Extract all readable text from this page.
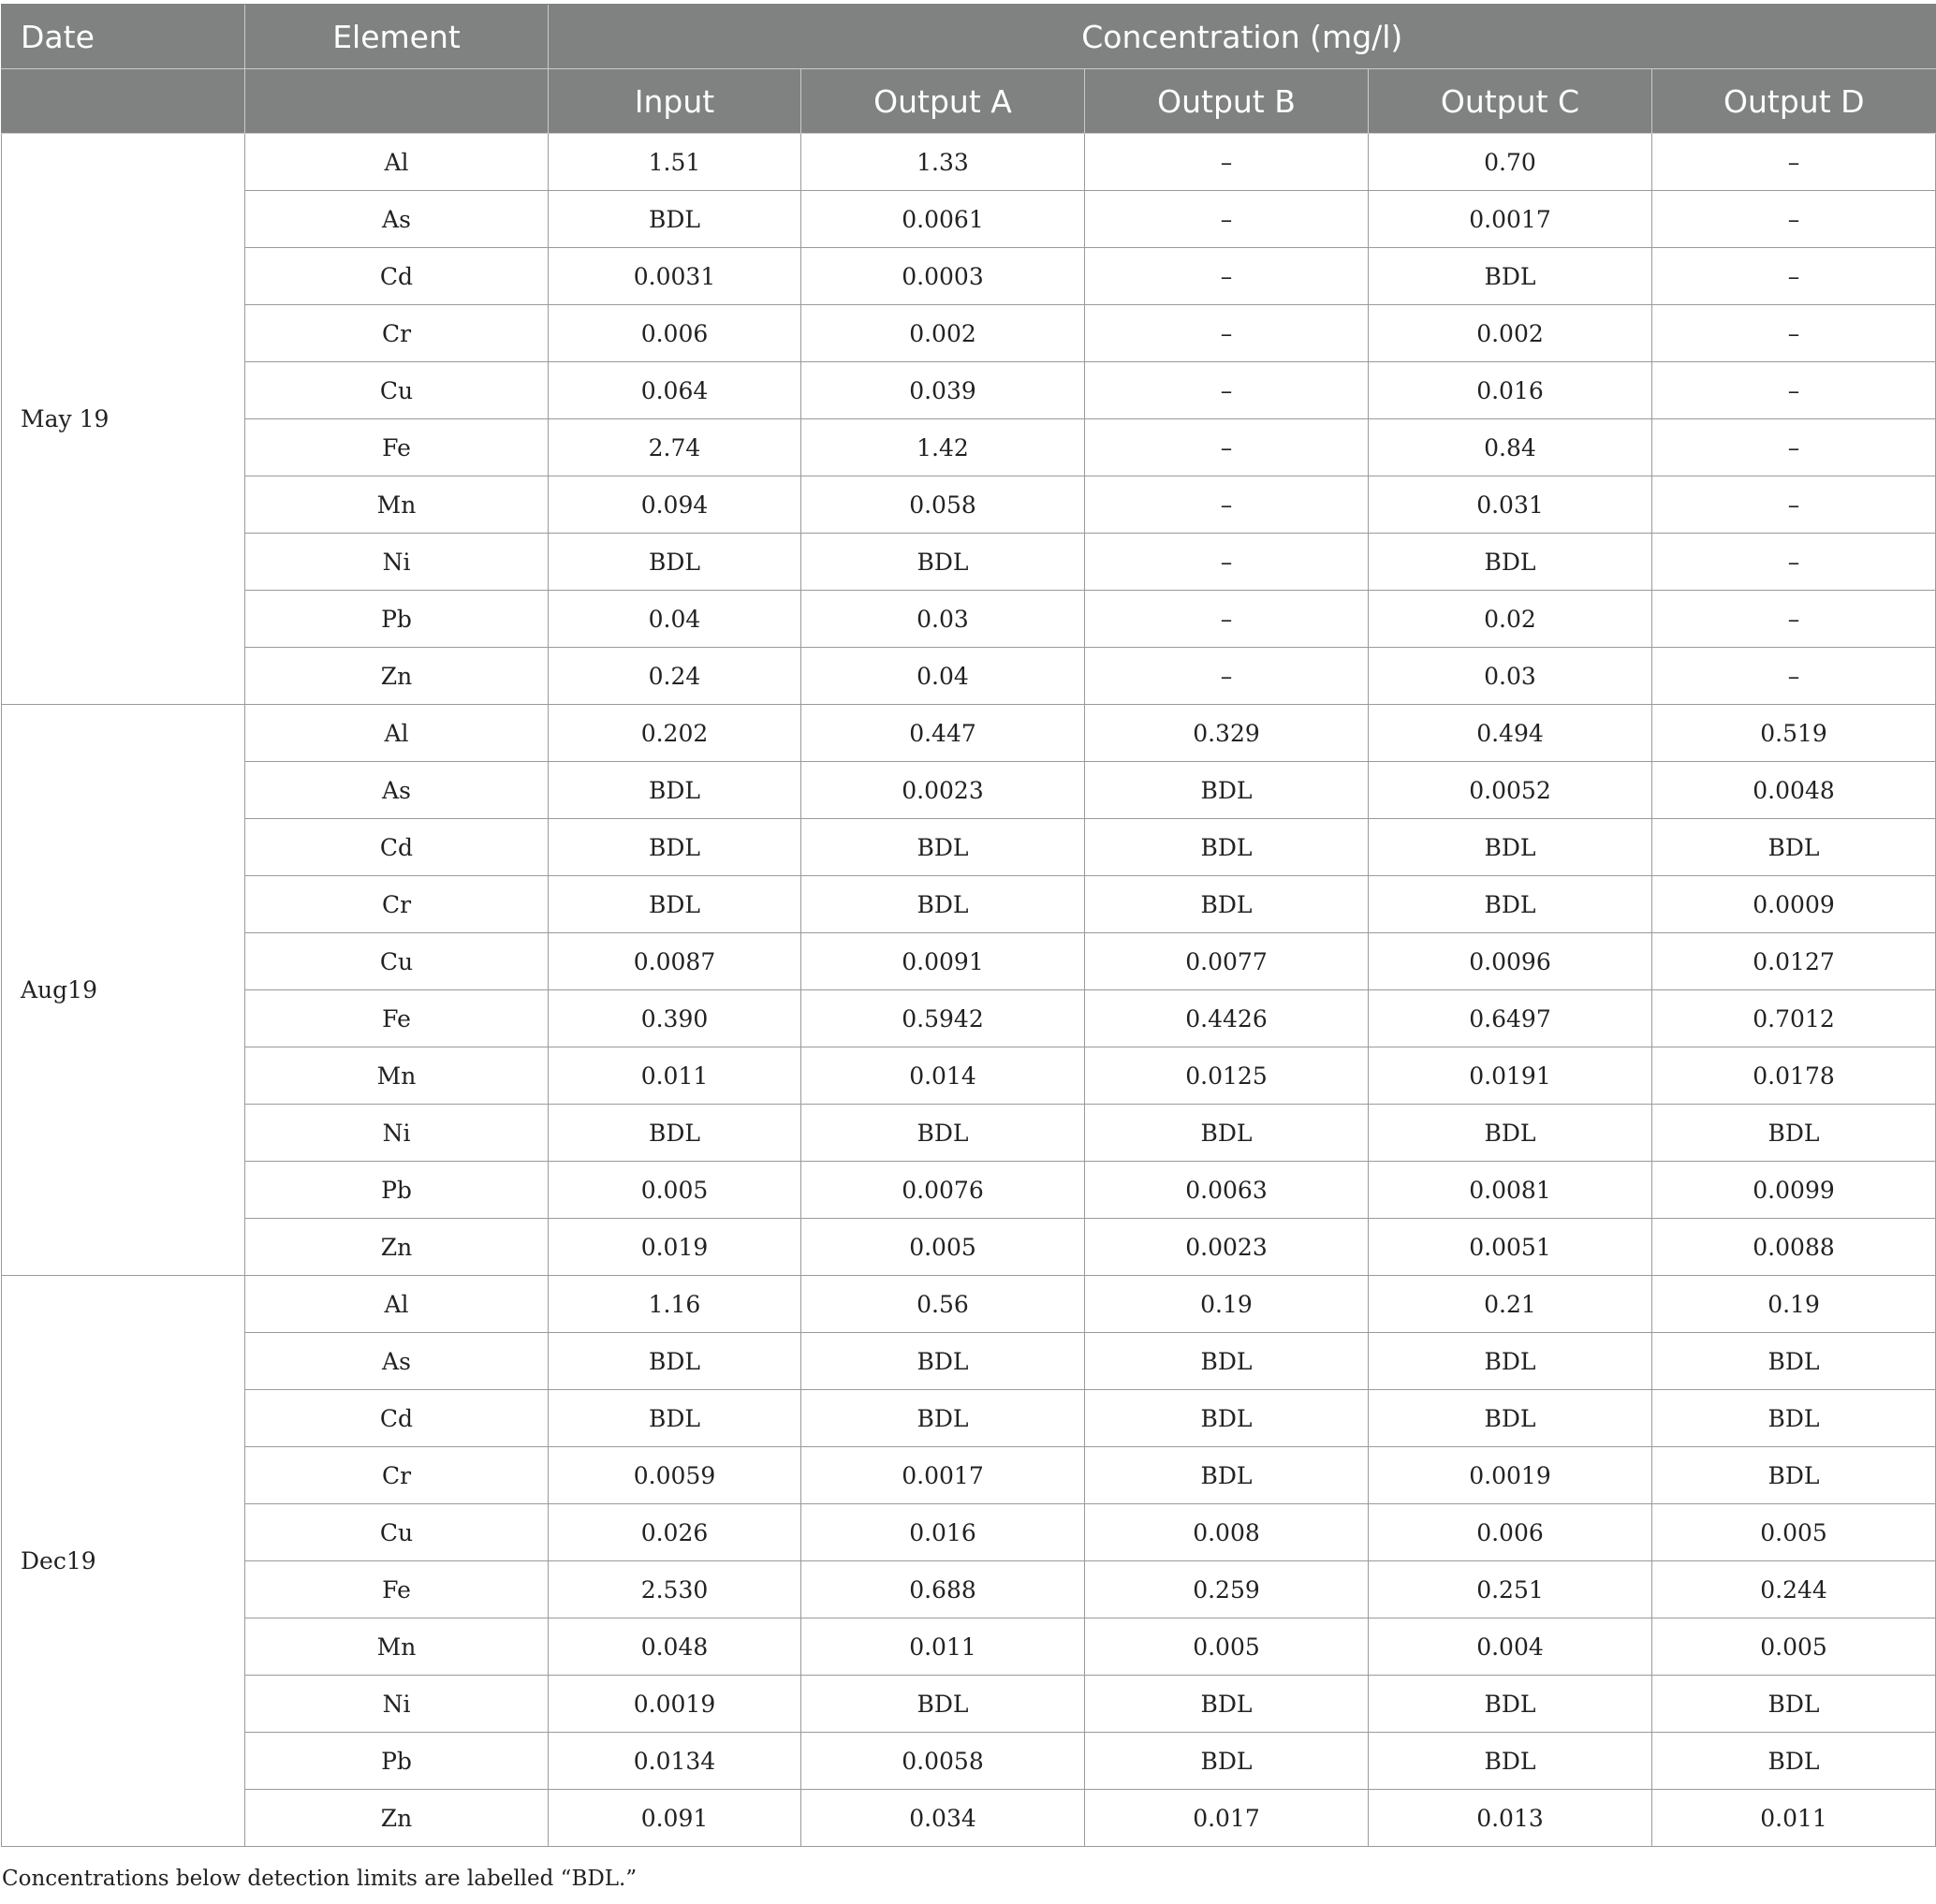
Date	Element	Concentration (mg/l)				
		Input	Output A	Output B	Output C	Output D
May 19	Al	1.51	1.33	–	0.70	–
	As	BDL	0.0061	–	0.0017	–
	Cd	0.0031	0.0003	–	BDL	–
	Cr	0.006	0.002	–	0.002	–
	Cu	0.064	0.039	–	0.016	–
	Fe	2.74	1.42	–	0.84	–
	Mn	0.094	0.058	–	0.031	–
	Ni	BDL	BDL	–	BDL	–
	Pb	0.04	0.03	–	0.02	–
	Zn	0.24	0.04	–	0.03	–
Aug19	Al	0.202	0.447	0.329	0.494	0.519
	As	BDL	0.0023	BDL	0.0052	0.0048
	Cd	BDL	BDL	BDL	BDL	BDL
	Cr	BDL	BDL	BDL	BDL	0.0009
	Cu	0.0087	0.0091	0.0077	0.0096	0.0127
	Fe	0.390	0.5942	0.4426	0.6497	0.7012
	Mn	0.011	0.014	0.0125	0.0191	0.0178
	Ni	BDL	BDL	BDL	BDL	BDL
	Pb	0.005	0.0076	0.0063	0.0081	0.0099
	Zn	0.019	0.005	0.0023	0.0051	0.0088
Dec19	Al	1.16	0.56	0.19	0.21	0.19
	As	BDL	BDL	BDL	BDL	BDL
	Cd	BDL	BDL	BDL	BDL	BDL
	Cr	0.0059	0.0017	BDL	0.0019	BDL
	Cu	0.026	0.016	0.008	0.006	0.005
	Fe	2.530	0.688	0.259	0.251	0.244
	Mn	0.048	0.011	0.005	0.004	0.005
	Ni	0.0019	BDL	BDL	BDL	BDL
	Pb	0.0134	0.0058	BDL	BDL	BDL
	Zn	0.091	0.034	0.017	0.013	0.011
Concentrations below detection limits are labelled “BDL.”
